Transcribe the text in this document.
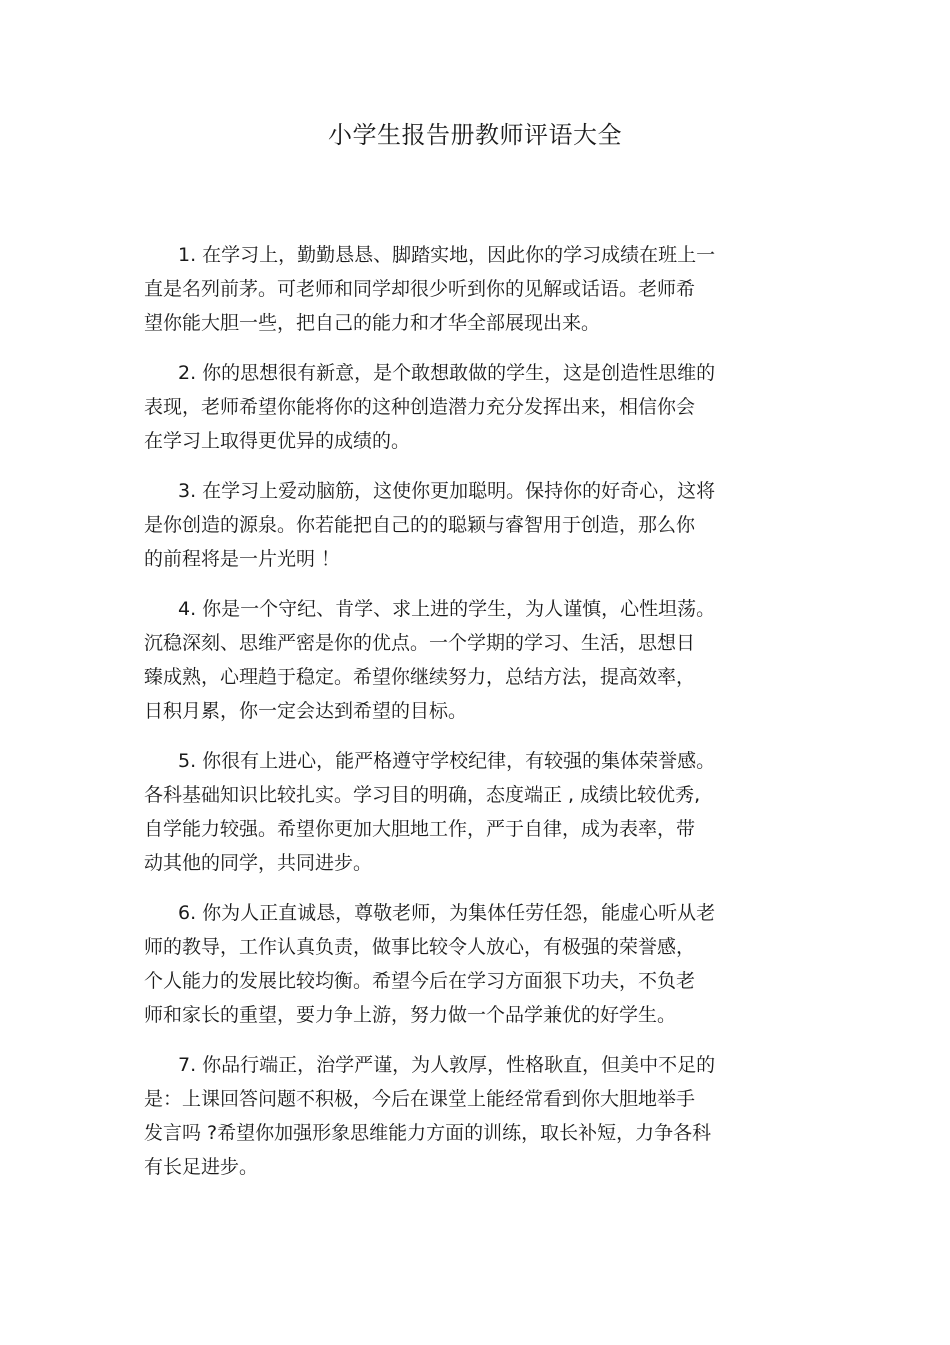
小学生报告册教师评语大全
1. 在学习上，勤勤恳恳、脚踏实地，因此你的学习成绩在班上一
直是名列前茅。可老师和同学却很少听到你的见解或话语。老师希
望你能大胆一些，把自己的能力和才华全部展现出来。
2. 你的思想很有新意，是个敢想敢做的学生，这是创造性思维的
表现，老师希望你能将你的这种创造潜力充分发挥出来，相信你会
在学习上取得更优异的成绩的。
3. 在学习上爱动脑筋，这使你更加聪明。保持你的好奇心，这将
是你创造的源泉。你若能把自己的的聪颖与睿智用于创造，那么你
的前程将是一片光明 ！
4. 你是一个守纪、肯学、求上进的学生，为人谨慎，心性坦荡。
沉稳深刻、思维严密是你的优点。一个学期的学习、生活，思想日
臻成熟，心理趋于稳定。希望你继续努力，总结方法，提高效率，
日积月累，你一定会达到希望的目标。
5. 你很有上进心，能严格遵守学校纪律，有较强的集体荣誉感。
各科基础知识比较扎实。学习目的明确，态度端正 , 成绩比较优秀,
自学能力较强。希望你更加大胆地工作，严于自律，成为表率，带
动其他的同学，共同进步。
6. 你为人正直诚恳，尊敬老师，为集体任劳任怨，能虚心听从老
师的教导，工作认真负责，做事比较令人放心，有极强的荣誉感，
个人能力的发展比较均衡。希望今后在学习方面狠下功夫，不负老
师和家长的重望，要力争上游，努力做一个品学兼优的好学生。
7. 你品行端正，治学严谨，为人敦厚，性格耿直，但美中不足的
是：上课回答问题不积极，今后在课堂上能经常看到你大胆地举手
发言吗 ?希望你加强形象思维能力方面的训练，取长补短，力争各科
有长足进步。
